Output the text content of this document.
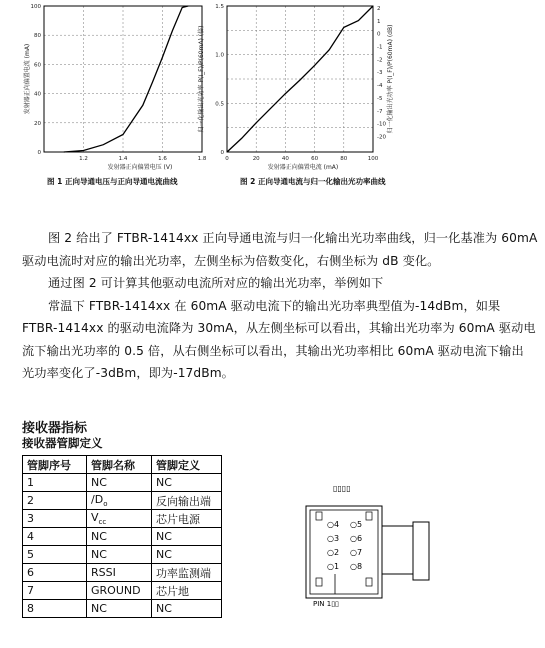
1.2	1.4	1.6	1.8
0
20
40
60
80
100
发射器正向偏置电压 (V)
发射器正向偏置电流 (mA)
0	20	40	60	80	100
0
0.5
1.0
1.5	2
1
0
-1
-2
-3
-4
-5
-7
-10
-20
发射器正向偏置电流 (mA)
归一化输出光功率 P(I_F)/P(60mA) (倍)	归一化输出光功率 P(I_F)/P(60mA) (dB)
图 1 正向导通电压与正向导通电流曲线	图 2 正向导通电流与归一化输出光功率曲线
图 2 给出了 FTBR-1414xx 正向导通电流与归一化输出光功率曲线，归一化基准为 60mA
驱动电流时对应的输出光功率，左侧坐标为倍数变化，右侧坐标为 dB 变化。
通过图 2 可计算其他驱动电流所对应的输出光功率，举例如下
常温下 FTBR-1414xx 在 60mA 驱动电流下的输出光功率典型值为-14dBm，如果
FTBR-1414xx 的驱动电流降为 30mA，从左侧坐标可以看出，其输出光功率为 60mA 驱动电
流下输出光功率的 0.5 倍，从右侧坐标可以看出，其输出光功率相比 60mA 驱动电流下输出
光功率变化了-3dBm，即为-17dBm。
接收器指标
接收器管脚定义
管脚序号	管脚名称	管脚定义
1	NC	NC
2	$/D_o$	反向输出端
3	$V_{cc}$	芯片电源
4	NC	NC
5	NC	NC
6	RSSI	功率监测端
7	GROUND	芯片地
8	NC	NC
▯▯▯▯
○4 ○5
○3 ○6
○2 ○7
○1 ○8
PIN 1▯▯
